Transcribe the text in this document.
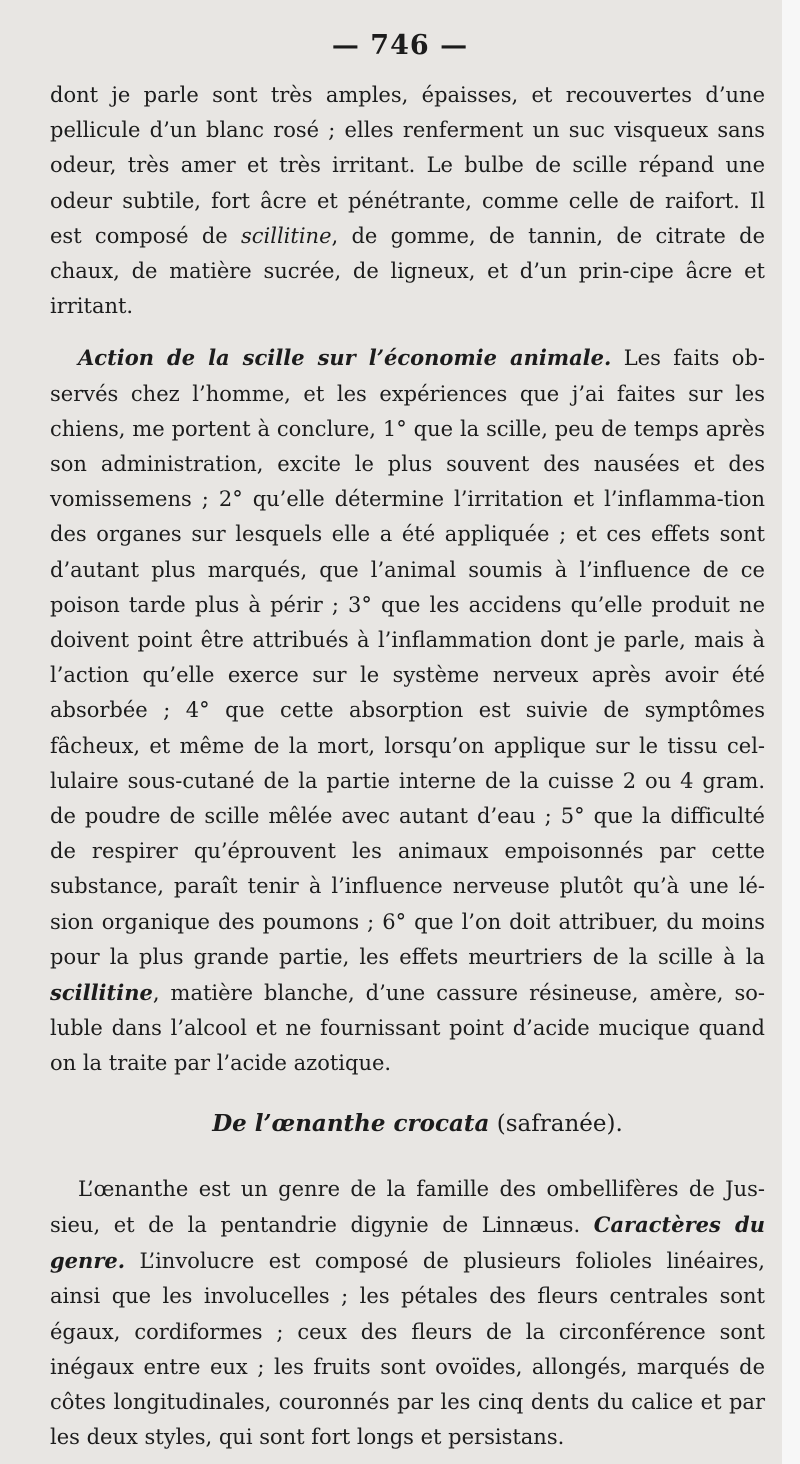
— 746 —

dont je parle sont très amples, épaisses, et recouvertes d’une pellicule d’un blanc rosé ; elles renferment un suc visqueux sans odeur, très amer et très irritant. Le bulbe de scille répand une odeur subtile, fort âcre et pénétrante, comme celle de raifort. Il est composé de scillitine, de gomme, de tannin, de citrate de chaux, de matière sucrée, de ligneux, et d’un prin-cipe âcre et irritant.

Action de la scille sur l’économie animale. Les faits ob-servés chez l’homme, et les expériences que j’ai faites sur les chiens, me portent à conclure, 1° que la scille, peu de temps après son administration, excite le plus souvent des nausées et des vomissemens ; 2° qu’elle détermine l’irritation et l’inflamma-tion des organes sur lesquels elle a été appliquée ; et ces effets sont d’autant plus marqués, que l’animal soumis à l’influence de ce poison tarde plus à périr ; 3° que les accidens qu’elle produit ne doivent point être attribués à l’inflammation dont je parle, mais à l’action qu’elle exerce sur le système nerveux après avoir été absorbée ; 4° que cette absorption est suivie de symptômes fâcheux, et même de la mort, lorsqu’on applique sur le tissu cel-lulaire sous-cutané de la partie interne de la cuisse 2 ou 4 gram. de poudre de scille mêlée avec autant d’eau ; 5° que la difficulté de respirer qu’éprouvent les animaux empoisonnés par cette substance, paraît tenir à l’influence nerveuse plutôt qu’à une lé-sion organique des poumons ; 6° que l’on doit attribuer, du moins pour la plus grande partie, les effets meurtriers de la scille à la scillitine, matière blanche, d’une cassure résineuse, amère, so-luble dans l’alcool et ne fournissant point d’acide mucique quand on la traite par l’acide azotique.

De l’œnanthe crocata (safranée).

L’œnanthe est un genre de la famille des ombellifères de Jus-sieu, et de la pentandrie digynie de Linnæus. Caractères du genre. L’involucre est composé de plusieurs folioles linéaires, ainsi que les involucelles ; les pétales des fleurs centrales sont égaux, cordiformes ; ceux des fleurs de la circonférence sont inégaux entre eux ; les fruits sont ovoïdes, allongés, marqués de côtes longitudinales, couronnés par les cinq dents du calice et par les deux styles, qui sont fort longs et persistans.
